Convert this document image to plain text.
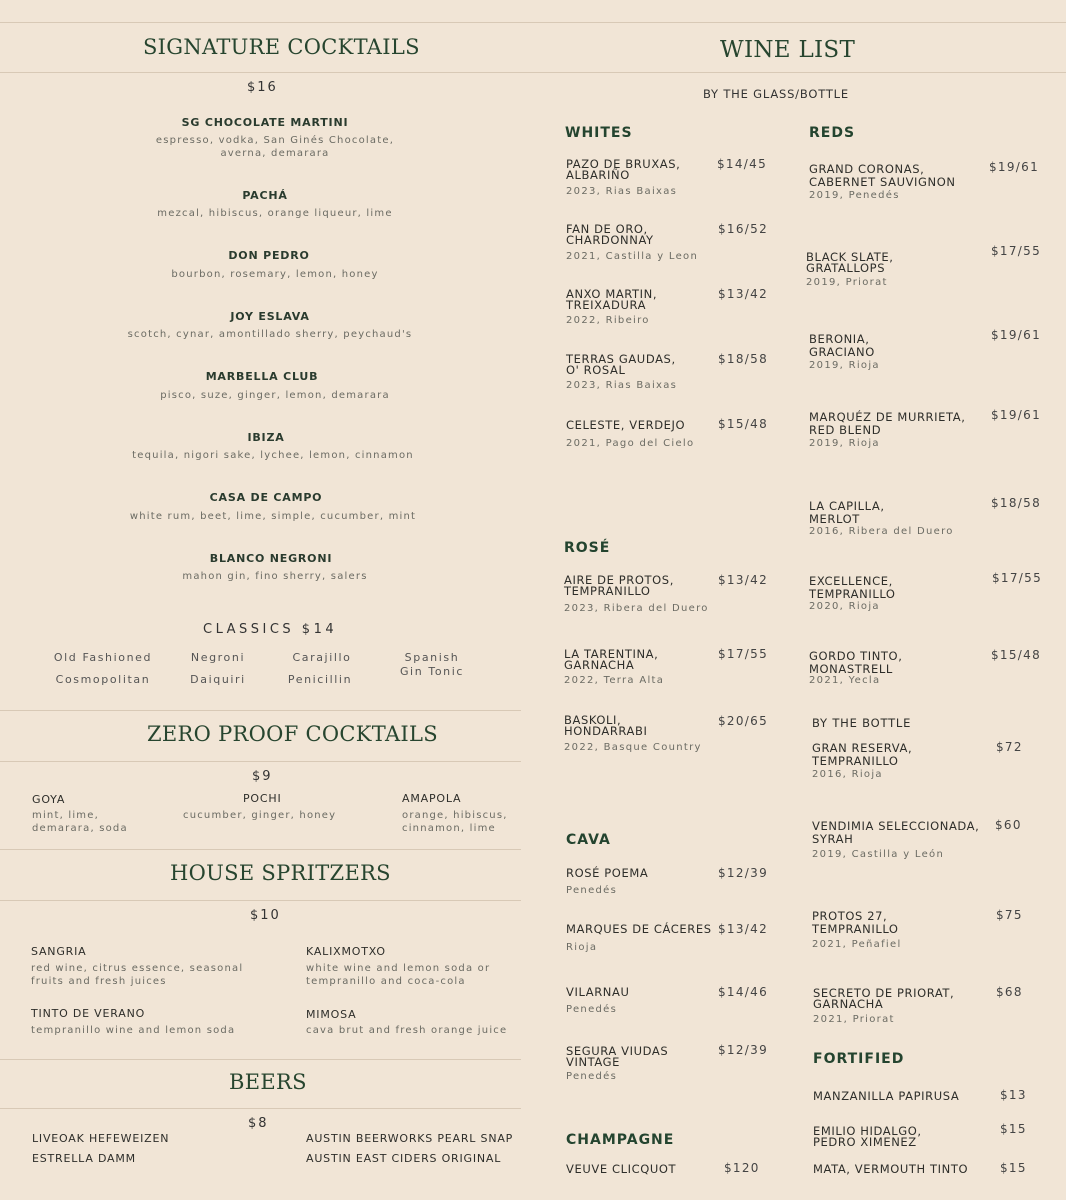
SIGNATURE COCKTAILS
$16
SG CHOCOLATE MARTINI
espresso, vodka, San Ginés Chocolate, averna, demarara
PACHÁ
mezcal, hibiscus, orange liqueur, lime
DON PEDRO
bourbon, rosemary, lemon, honey
JOY ESLAVA
scotch, cynar, amontillado sherry, peychaud's
MARBELLA CLUB
pisco, suze, ginger, lemon, demarara
IBIZA
tequila, nigori sake, lychee, lemon, cinnamon
CASA DE CAMPO
white rum, beet, lime, simple, cucumber, mint
BLANCO NEGRONI
mahon gin, fino sherry, salers
CLASSICS $14
Old Fashioned	Negroni	Carajillo	Spanish Gin Tonic
Cosmopolitan	Daiquiri	Penicillin
ZERO PROOF COCKTAILS
$9
GOYA
mint, lime, demarara, soda
POCHI
cucumber, ginger, honey
AMAPOLA
orange, hibiscus, cinnamon, lime
HOUSE SPRITZERS
$10
SANGRIA
red wine, citrus essence, seasonal fruits and fresh juices
KALIXMOTXO
white wine and lemon soda or tempranillo and coca-cola
TINTO DE VERANO
tempranillo wine and lemon soda
MIMOSA
cava brut and fresh orange juice
BEERS
$8
LIVEOAK HEFEWEIZEN
ESTRELLA DAMM
AUSTIN BEERWORKS PEARL SNAP
AUSTIN EAST CIDERS ORIGINAL
WINE LIST
BY THE GLASS/BOTTLE
WHITES
PAZO DE BRUXAS,
ALBARIÑO
2023, Rias Baixas
$14/45
FAN DE ORO,
CHARDONNAY
2021, Castilla y Leon
$16/52
ANXO MARTIN,
TREIXADURA
2022, Ribeiro
$13/42
TERRAS GAUDAS,
O' ROSAL
2023, Rias Baixas
$18/58
CELESTE, VERDEJO
2021, Pago del Cielo
$15/48
ROSÉ
AIRE DE PROTOS,
TEMPRANILLO
2023, Ribera del Duero
$13/42
LA TARENTINA,
GARNACHA
2022, Terra Alta
$17/55
BASKOLI,
HONDARRABI
2022, Basque Country
$20/65
CAVA
ROSÉ POEMA
Penedés
$12/39
MARQUES DE CÁCERES
Rioja
$13/42
VILARNAU
Penedés
$14/46
SEGURA VIUDAS
VINTAGE
Penedés
$12/39
CHAMPAGNE
VEUVE CLICQUOT	$120
REDS
GRAND CORONAS,
CABERNET SAUVIGNON
2019, Penedés
$19/61
BLACK SLATE,
GRATALLOPS
2019, Priorat
$17/55
BERONIA,
GRACIANO
2019, Rioja
$19/61
MARQUÉZ DE MURRIETA,
RED BLEND
2019, Rioja
$19/61
LA CAPILLA,
MERLOT
2016, Ribera del Duero
$18/58
EXCELLENCE,
TEMPRANILLO
2020, Rioja
$17/55
GORDO TINTO,
MONASTRELL
2021, Yecla
$15/48
BY THE BOTTLE
GRAN RESERVA,
TEMPRANILLO
2016, Rioja
$72
VENDIMIA SELECCIONADA,
SYRAH
2019, Castilla y León
$60
PROTOS 27,
TEMPRANILLO
2021, Peñafiel
$75
SECRETO DE PRIORAT,
GARNACHA
2021, Priorat
$68
FORTIFIED
MANZANILLA PAPIRUSA	$13
EMILIO HIDALGO,
PEDRO XIMENEZ
$15
MATA, VERMOUTH TINTO	$15
